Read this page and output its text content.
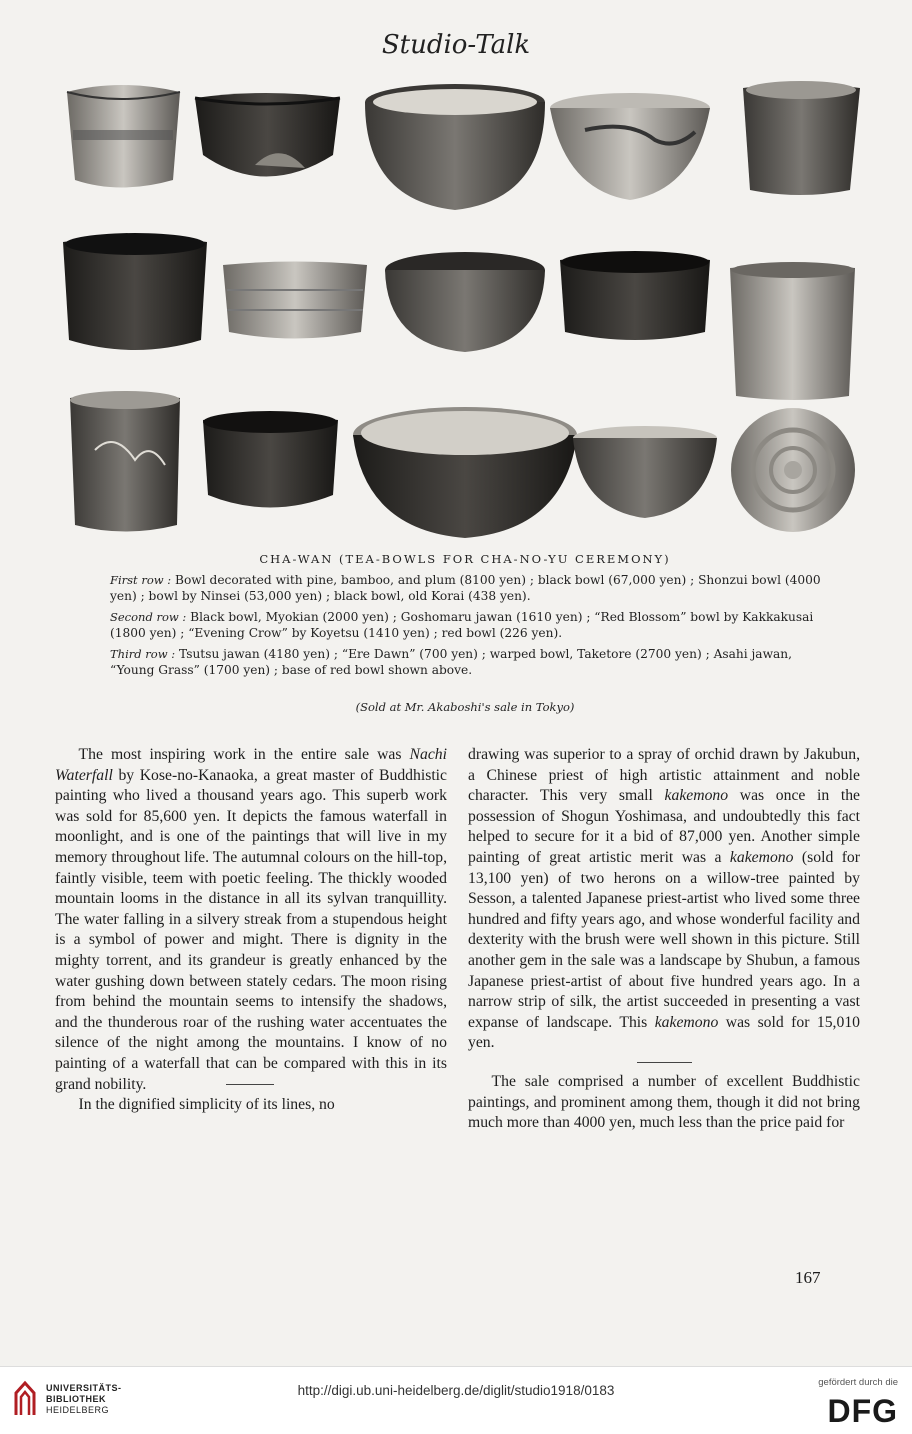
Studio-Talk
CHA-WAN (TEA-BOWLS FOR CHA-NO-YU CEREMONY)

First row : Bowl decorated with pine, bamboo, and plum (8100 yen) ; black bowl (67,000 yen) ; Shonzui bowl (4000 yen) ; bowl by Ninsei (53,000 yen) ; black bowl, old Korai (438 yen).

Second row : Black bowl, Myokian (2000 yen) ; Goshomaru jawan (1610 yen) ; “Red Blossom” bowl by Kakkakusai (1800 yen) ; “Evening Crow” by Koyetsu (1410 yen) ; red bowl (226 yen).

Third row : Tsutsu jawan (4180 yen) ; “Ere Dawn” (700 yen) ; warped bowl, Taketore (2700 yen) ; Asahi jawan, “Young Grass” (1700 yen) ; base of red bowl shown above.

(Sold at Mr. Akaboshi's sale in Tokyo)

The most inspiring work in the entire sale was Nachi Waterfall by Kose-no-Kanaoka, a great master of Buddhistic painting who lived a thousand years ago. This superb work was sold for 85,600 yen. It depicts the famous waterfall in moonlight, and is one of the paintings that will live in my memory throughout life. The autumnal colours on the hill-top, faintly visible, teem with poetic feeling. The thickly wooded mountain looms in the distance in all its sylvan tranquillity. The water falling in a silvery streak from a stupendous height is a symbol of power and might. There is dignity in the mighty torrent, and its grandeur is greatly enhanced by the water gushing down between stately cedars. The moon rising from behind the mountain seems to intensify the shadows, and the thunderous roar of the rushing water accentuates the silence of the night among the mountains. I know of no painting of a waterfall that can be compared with this in its grand nobility.

In the dignified simplicity of its lines, no

drawing was superior to a spray of orchid drawn by Jakubun, a Chinese priest of high artistic attainment and noble character. This very small kakemono was once in the possession of Shogun Yoshimasa, and undoubtedly this fact helped to secure for it a bid of 87,000 yen. Another simple painting of great artistic merit was a kakemono (sold for 13,100 yen) of two herons on a willow-tree painted by Sesson, a talented Japanese priest-artist who lived some three hundred and fifty years ago, and whose wonderful facility and dexterity with the brush were well shown in this picture. Still another gem in the sale was a landscape by Shubun, a famous Japanese priest-artist of about five hundred years ago. In a narrow strip of silk, the artist succeeded in presenting a vast expanse of landscape. This kakemono was sold for 15,010 yen.

The sale comprised a number of excellent Buddhistic paintings, and prominent among them, though it did not bring much more than 4000 yen, much less than the price paid for

167
UNIVERSITÄTS-
BIBLIOTHEK
HEIDELBERG
http://digi.ub.uni-heidelberg.de/diglit/studio1918/0183
gefördert durch die
DFG
